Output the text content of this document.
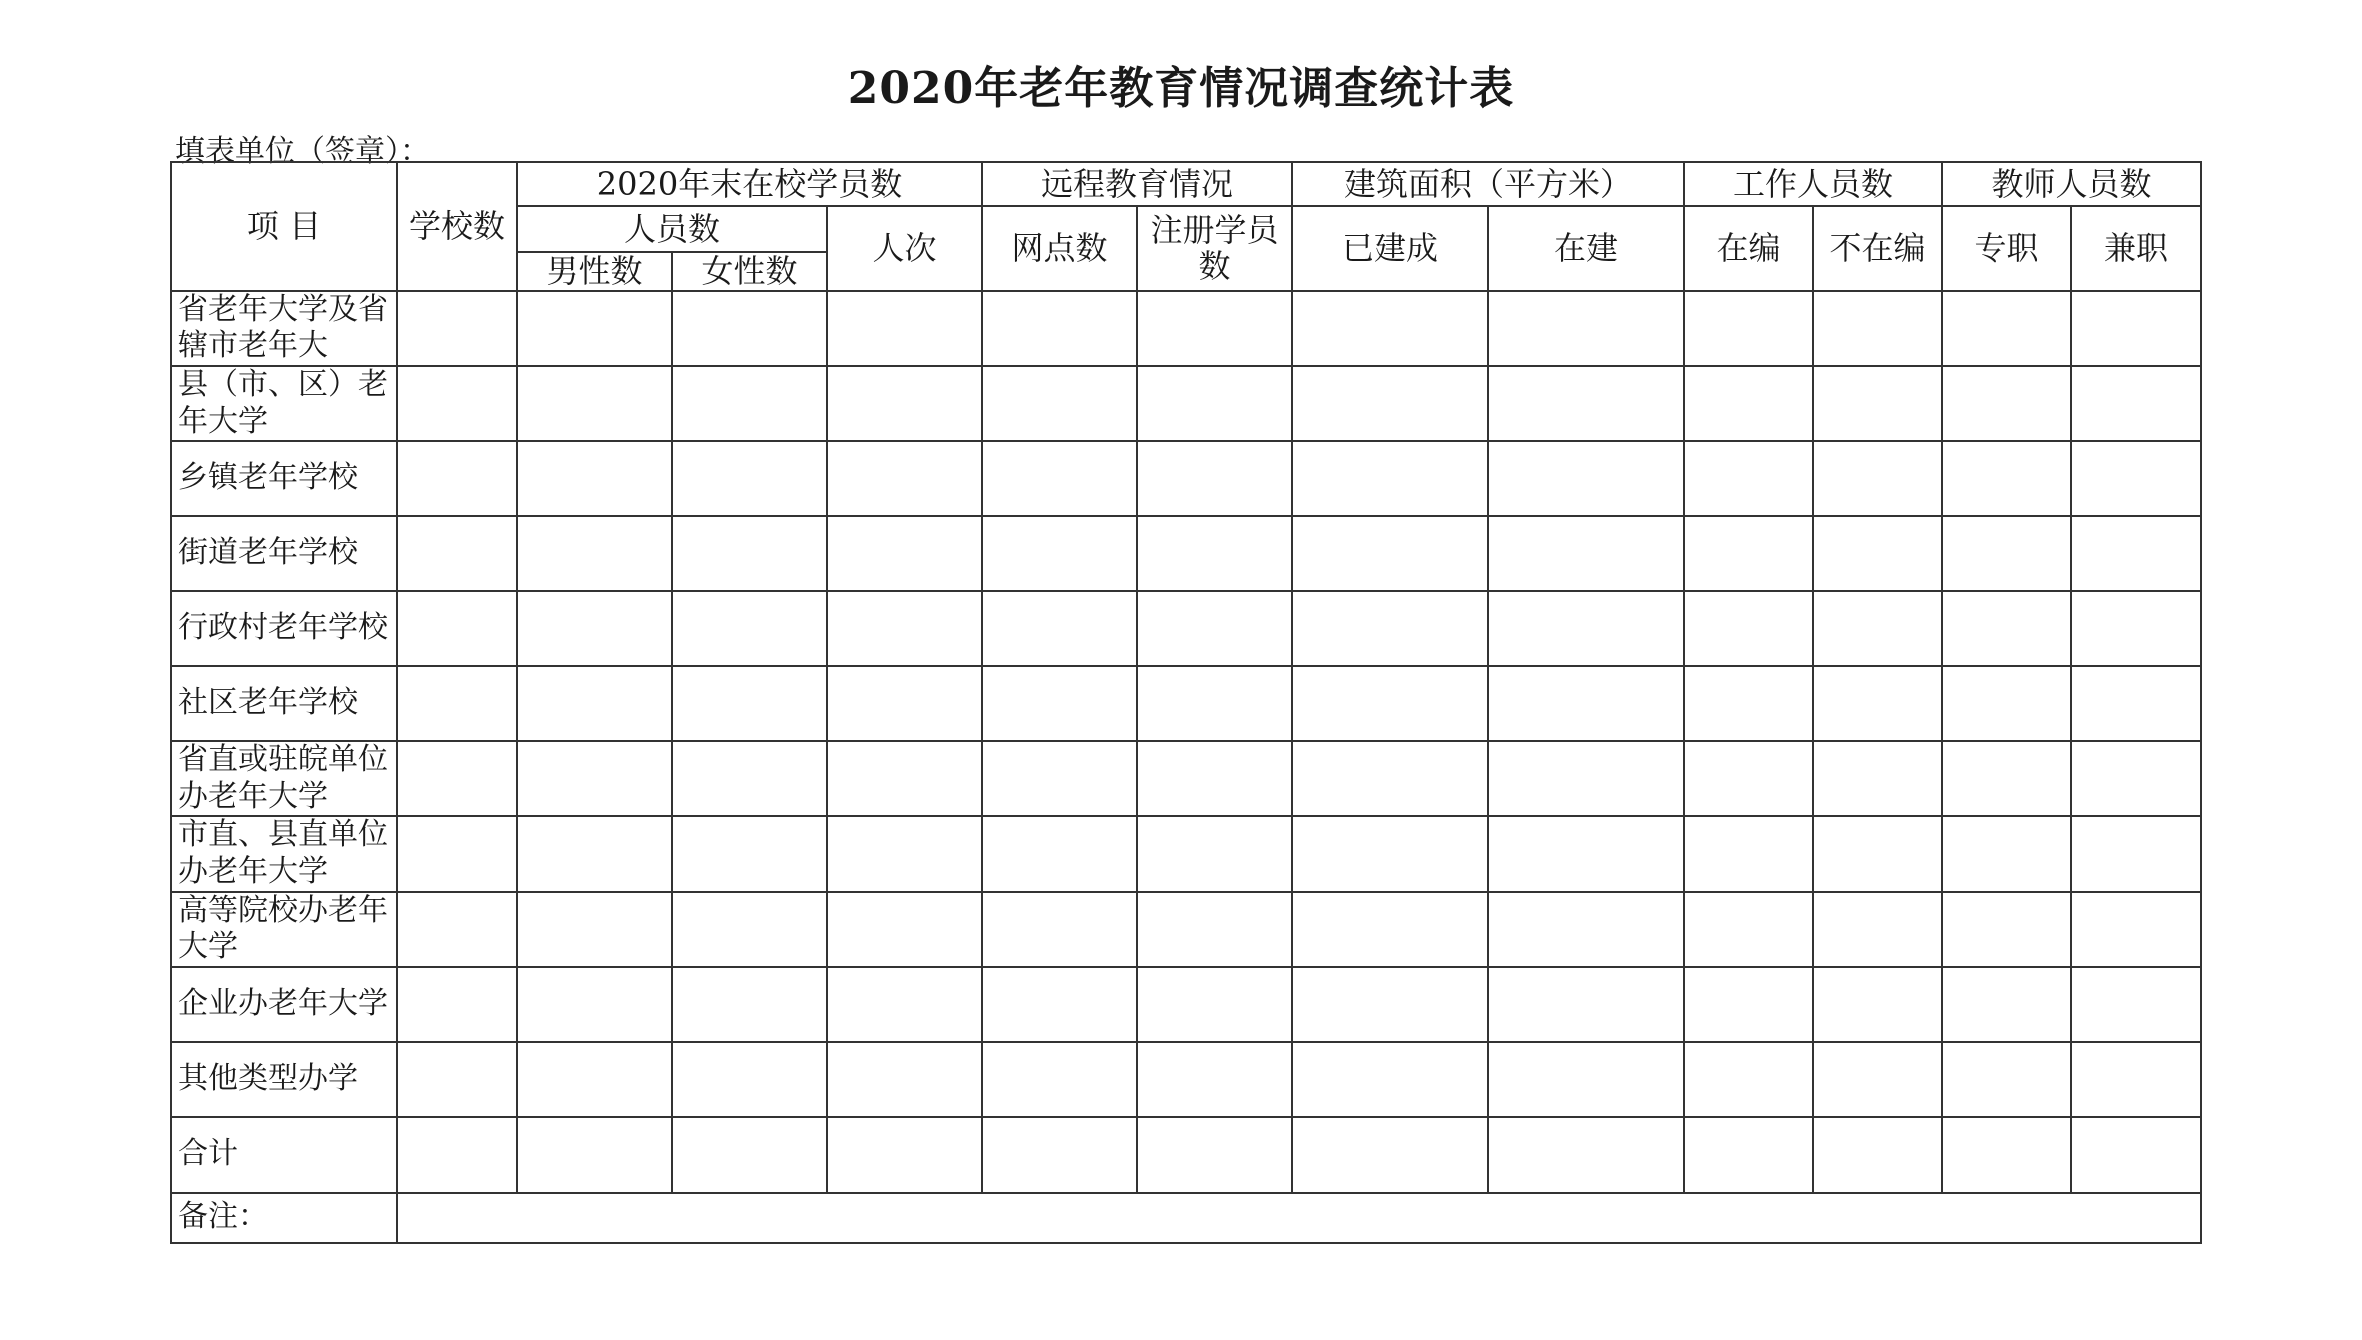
2020年老年教育情况调查统计表
填表单位（签章）：
项 目	学校数	2020年末在校学员数			远程教育情况		建筑面积（平方米）		工作人员数		教师人员数	
		人员数		人次	网点数	注册学员数	已建成	在建	在编	不在编	专职	兼职
		男性数	女性数									
省老年大学及省辖市老年大												
县（市、区）老年大学												
乡镇老年学校												
街道老年学校												
行政村老年学校												
社区老年学校												
省直或驻皖单位办老年大学												
市直、县直单位办老年大学												
高等院校办老年大学												
企业办老年大学												
其他类型办学												
合计												
备注：												
